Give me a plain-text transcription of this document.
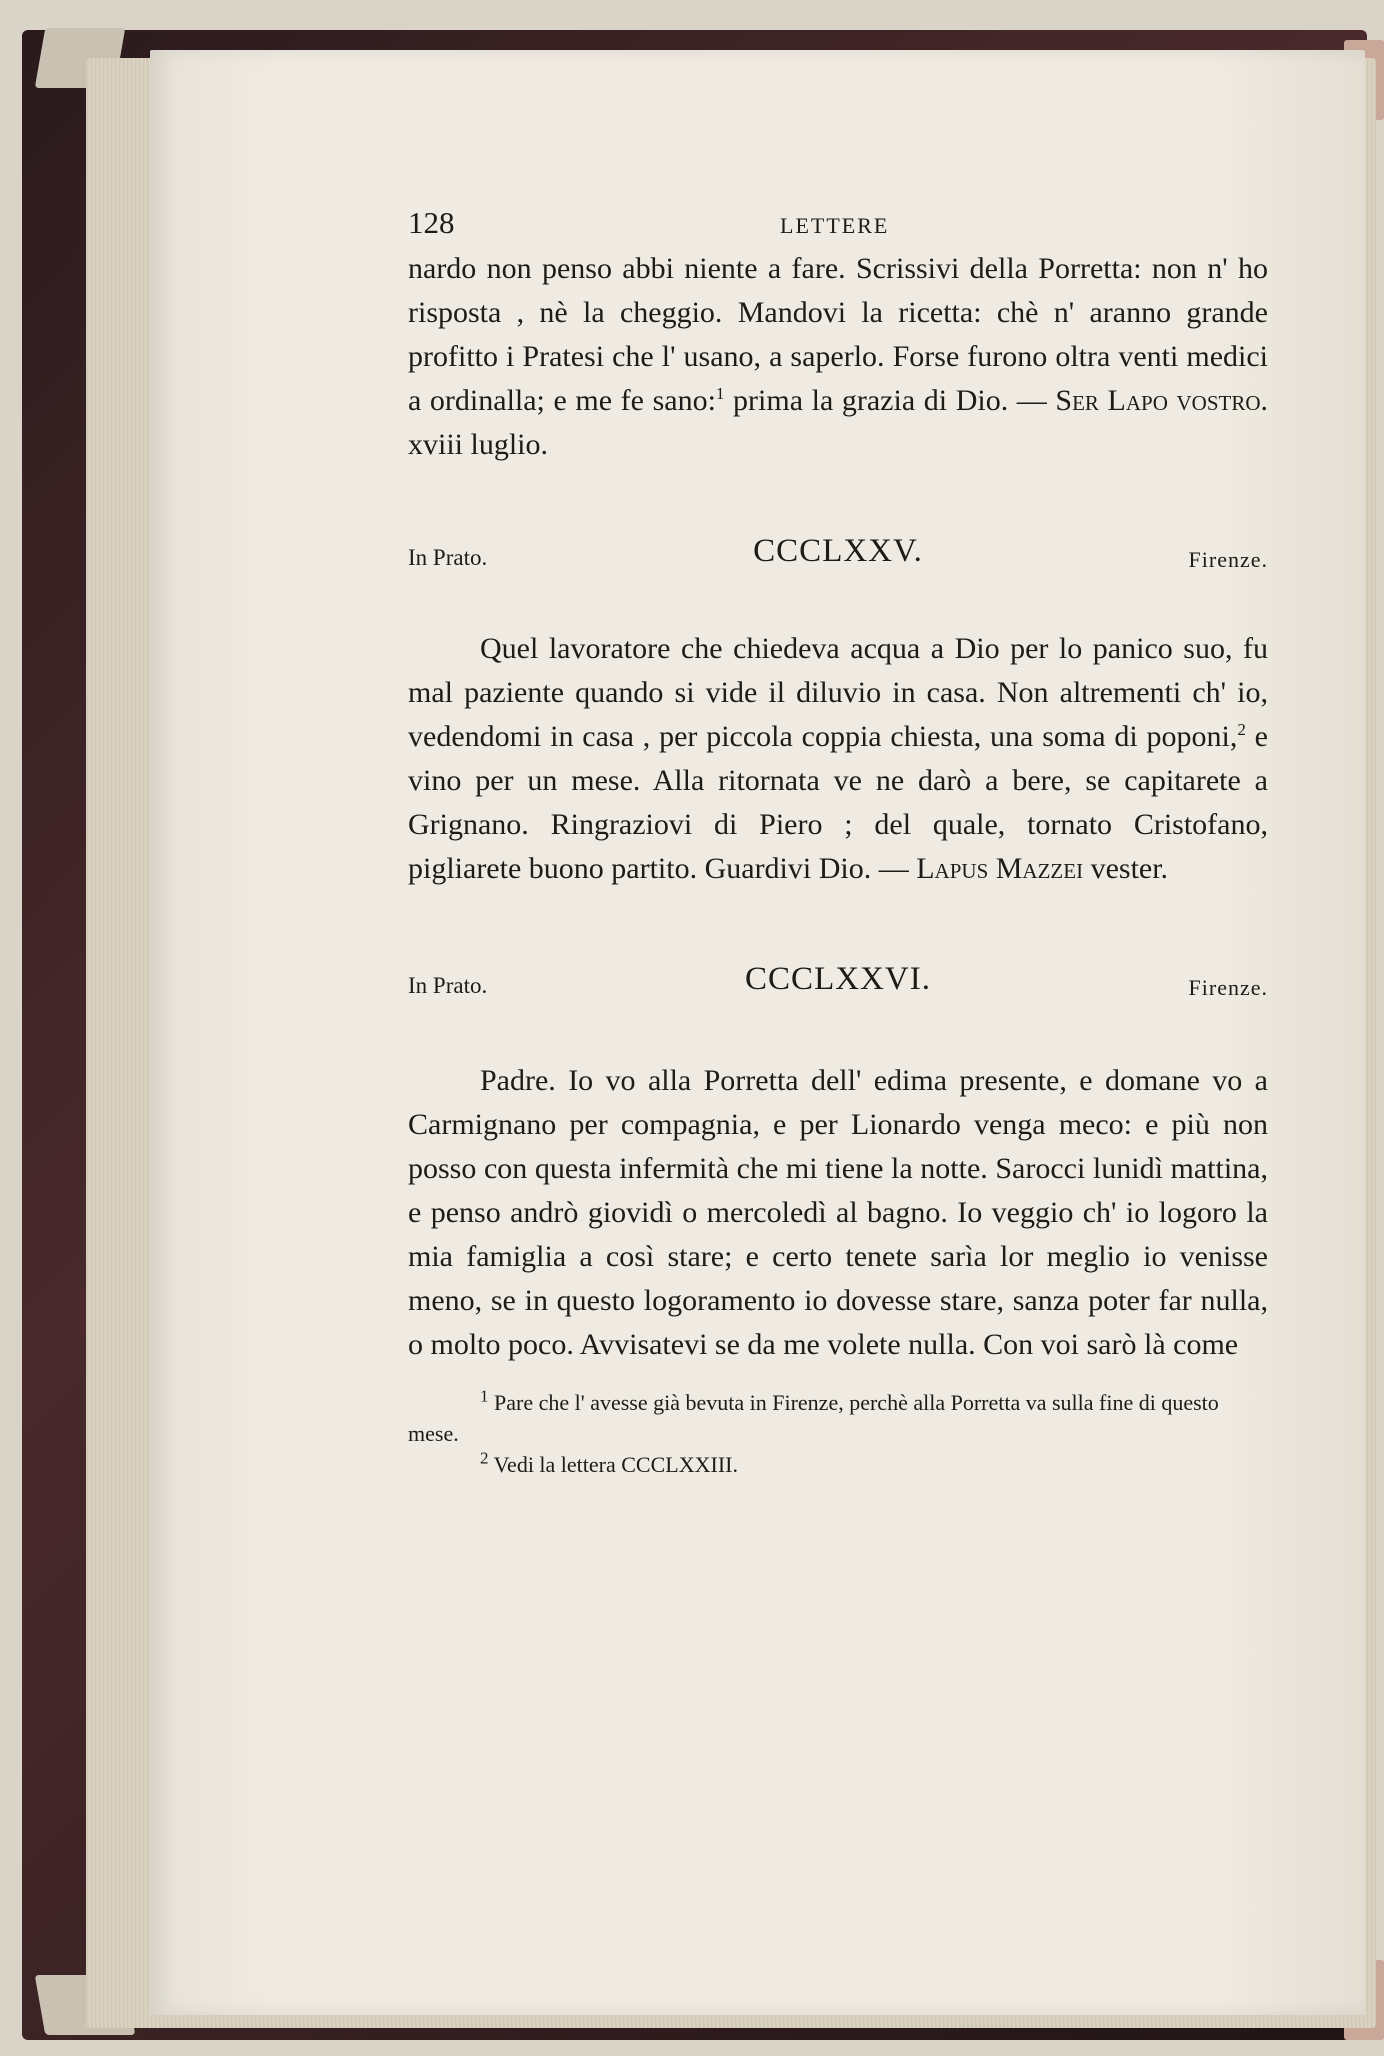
128	LETTERE

nardo non penso abbi niente a fare. Scrissivi della Porretta: non n' ho risposta , nè la cheggio. Mandovi la ricetta: chè n' aranno grande profitto i Pratesi che l' usano, a saperlo. Forse furono oltra venti medici a ordinalla; e me fe sano:$^1$ prima la grazia di Dio. — Ser Lapo vostro. xviii luglio.

In Prato.	CCCLXXV.	Firenze.

Quel lavoratore che chiedeva acqua a Dio per lo panico suo, fu mal paziente quando si vide il diluvio in casa. Non altrementi ch' io, vedendomi in casa , per piccola coppia chiesta, una soma di poponi,$^2$ e vino per un mese. Alla ritornata ve ne darò a bere, se capitarete a Grignano. Ringraziovi di Piero ; del quale, tornato Cristofano, pigliarete buono partito. Guardivi Dio. — Lapus Mazzei vester.

In Prato.	CCCLXXVI.	Firenze.

Padre. Io vo alla Porretta dell' edima presente, e domane vo a Carmignano per compagnia, e per Lionardo venga meco: e più non posso con questa infermità che mi tiene la notte. Sarocci lunidì mattina, e penso andrò giovidì o mercoledì al bagno. Io veggio ch' io logoro la mia famiglia a così stare; e certo tenete sarìa lor meglio io venisse meno, se in questo logoramento io dovesse stare, sanza poter far nulla, o molto poco. Avvisatevi se da me volete nulla. Con voi sarò là come

$^1$ Pare che l' avesse già bevuta in Firenze, perchè alla Porretta va sulla fine di questo mese.

$^2$ Vedi la lettera CCCLXXIII.
